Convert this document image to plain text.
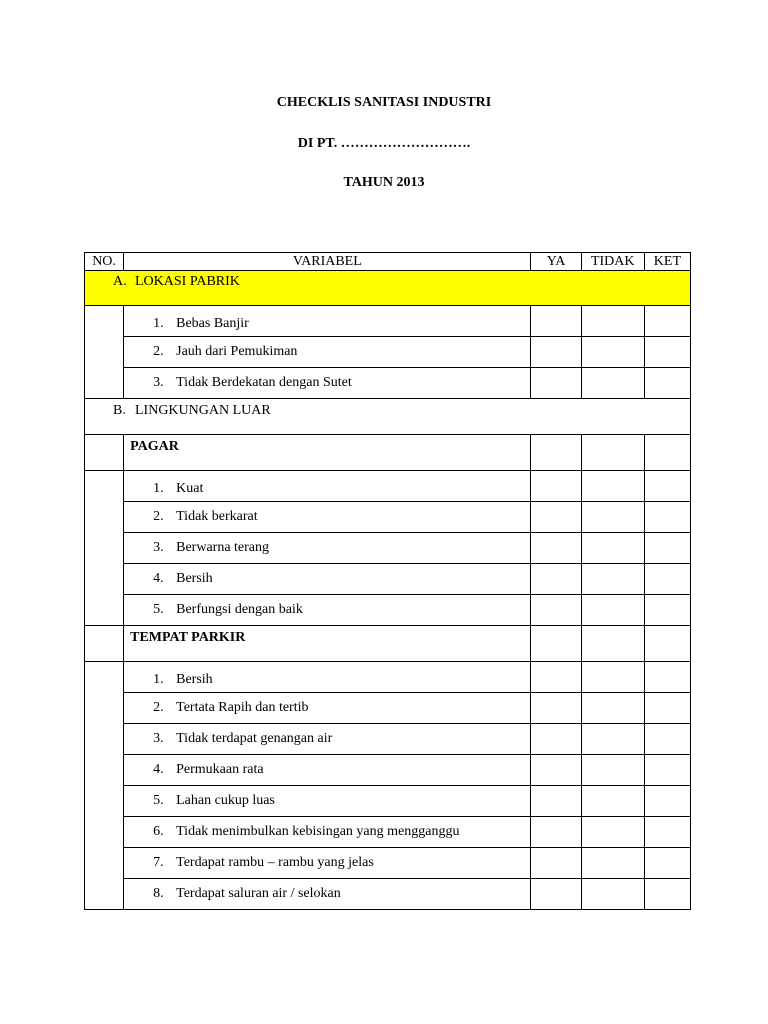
CHECKLIS SANITASI INDUSTRI
DI PT. ……………………….
TAHUN 2013
NO.	VARIABEL	YA	TIDAK	KET
A. LOKASI PABRIK				
	1. Bebas Banjir			
	2. Jauh dari Pemukiman			
	3. Tidak Berdekatan dengan Sutet			
B. LINGKUNGAN LUAR				
	PAGAR			
	1. Kuat			
	2. Tidak berkarat			
	3. Berwarna terang			
	4. Bersih			
	5. Berfungsi dengan baik			
	TEMPAT PARKIR			
	1. Bersih			
	2. Tertata Rapih dan tertib			
	3. Tidak terdapat genangan air			
	4. Permukaan rata			
	5. Lahan cukup luas			
	6. Tidak menimbulkan kebisingan yang mengganggu			
	7. Terdapat rambu – rambu yang jelas			
	8. Terdapat saluran air / selokan			
